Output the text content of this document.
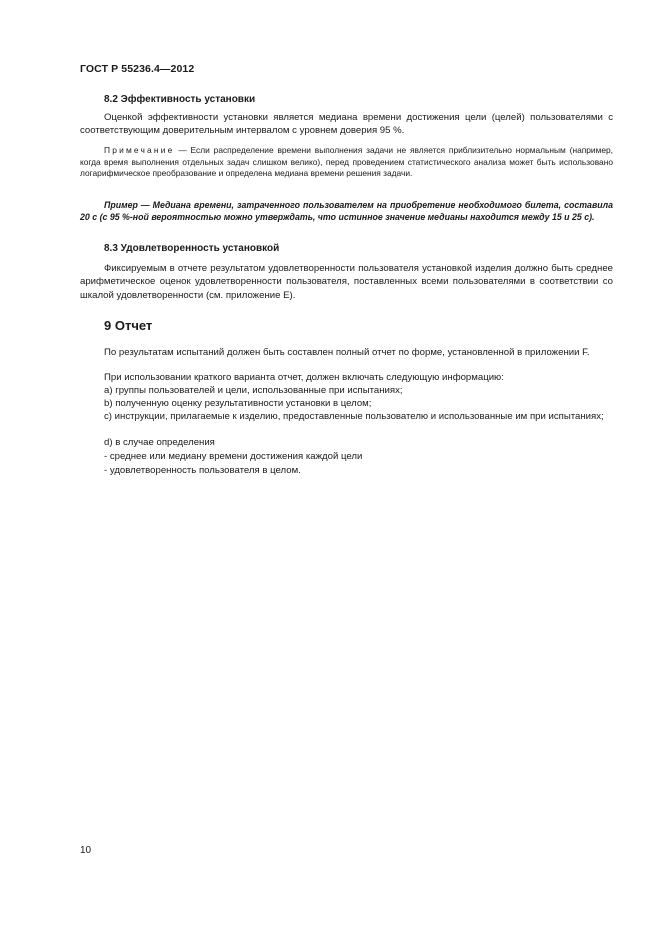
ГОСТ Р 55236.4—2012
8.2 Эффективность установки

Оценкой эффективности установки является медиана времени достижения цели (целей) пользователями с соответствующим доверительным интервалом с уровнем доверия 95 %.

Примечание — Если распределение времени выполнения задачи не является приблизительно нормальным (например, когда время выполнения отдельных задач слишком велико), перед проведением статистического анализа может быть использовано логарифмическое преобразование и определена медиана времени решения задачи.

Пример — Медиана времени, затраченного пользователем на приобретение необходимого билета, составила 20 с (с 95 %-ной вероятностью можно утверждать, что истинное значение медианы находится между 15 и 25 с).

8.3 Удовлетворенность установкой

Фиксируемым в отчете результатом удовлетворенности пользователя установкой изделия должно быть среднее арифметическое оценок удовлетворенности пользователя, поставленных всеми пользователями в соответствии со шкалой удовлетворенности (см. приложение Е).

9 Отчет

По результатам испытаний должен быть составлен полный отчет по форме, установленной в приложении F.

При использовании краткого варианта отчет, должен включать следующую информацию:

a) группы пользователей и цели, использованные при испытаниях;

b) полученную оценку результативности установки в целом;

c) инструкции, прилагаемые к изделию, предоставленные пользователю и использованные им при испытаниях;

d) в случае определения

- среднее или медиану времени достижения каждой цели

- удовлетворенность пользователя в целом.

10
